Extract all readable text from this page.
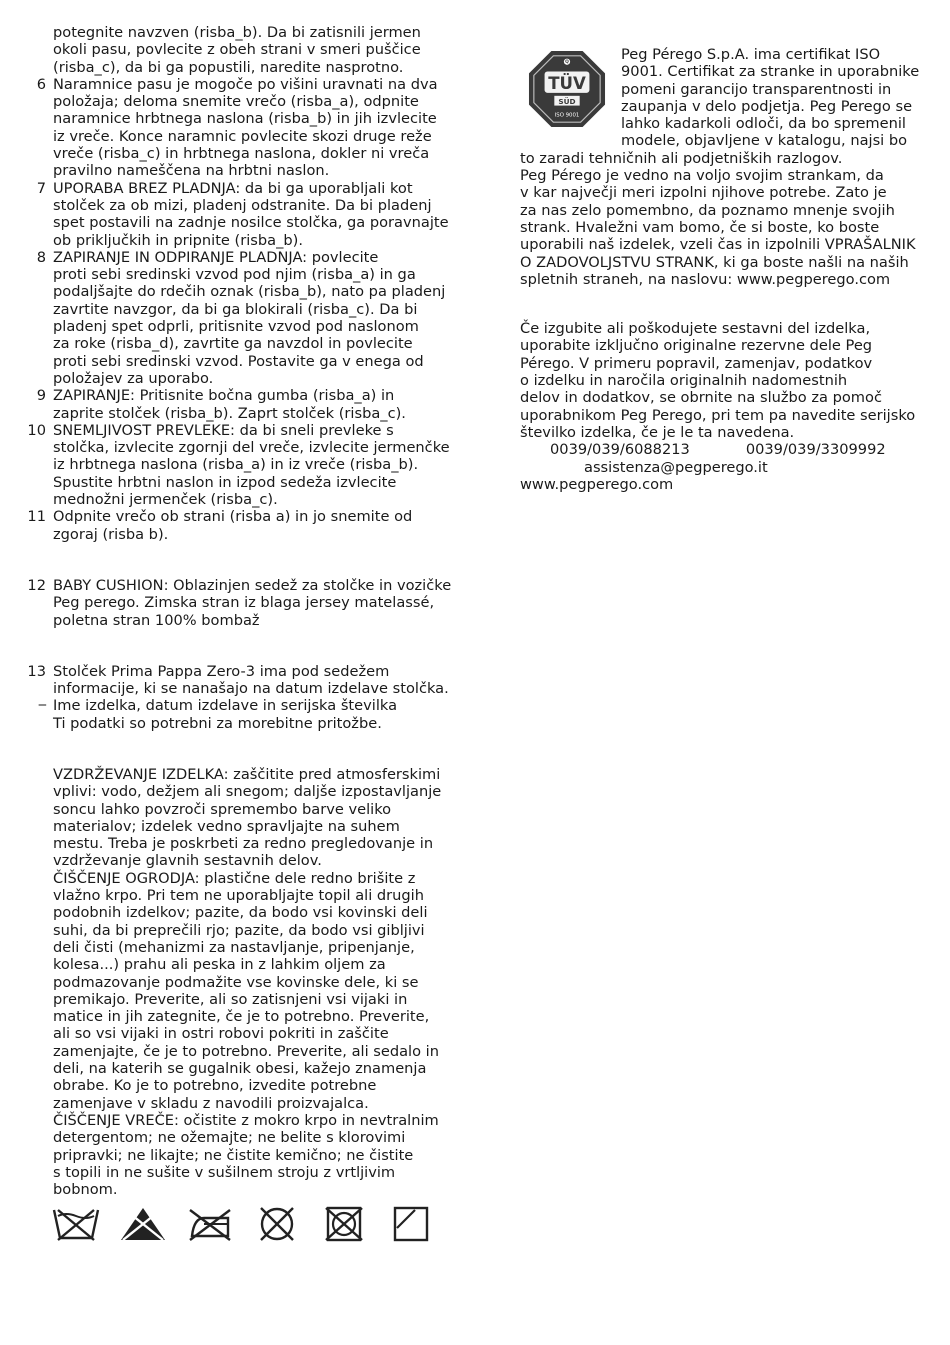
potegnite navzven (risba_b). Da bi zatisnili jermen
okoli pasu, povlecite z obeh strani v smeri puščice
(risba_c), da bi ga popustili, naredite nasprotno.
6 Naramnice pasu je mogoče po višini uravnati na dva
položaja; deloma snemite vrečo (risba_a), odpnite
naramnice hrbtnega naslona (risba_b) in jih izvlecite
iz vreče. Konce naramnic povlecite skozi druge reže
vreče (risba_c) in hrbtnega naslona, dokler ni vreča
pravilno nameščena na hrbtni naslon.
7 UPORABA BREZ PLADNJA: da bi ga uporabljali kot
stolček za ob mizi, pladenj odstranite. Da bi pladenj
spet postavili na zadnje nosilce stolčka, ga poravnajte
ob priključkih in pripnite (risba_b).
8 ZAPIRANJE IN ODPIRANJE PLADNJA: povlecite
proti sebi sredinski vzvod pod njim (risba_a) in ga
podaljšajte do rdečih oznak (risba_b), nato pa pladenj
zavrtite navzgor, da bi ga blokirali (risba_c). Da bi
pladenj spet odprli, pritisnite vzvod pod naslonom
za roke (risba_d), zavrtite ga navzdol in povlecite
proti sebi sredinski vzvod. Postavite ga v enega od
položajev za uporabo.
9 ZAPIRANJE: Pritisnite bočna gumba (risba_a) in
zaprite stolček (risba_b). Zaprt stolček (risba_c).
10 SNEMLJIVOST PREVLEKE: da bi sneli prevleke s
stolčka, izvlecite zgornji del vreče, izvlecite jermenčke
iz hrbtnega naslona (risba_a) in iz vreče (risba_b).
Spustite hrbtni naslon in izpod sedeža izvlecite
mednožni jermenček (risba_c).
11 Odpnite vrečo ob strani (risba a) in jo snemite od
zgoraj (risba b).
12 BABY CUSHION: Oblazinjen sedež za stolčke in vozičke
Peg perego. Zimska stran iz blaga jersey matelassé,
poletna stran 100% bombaž
13
_
Stolček Prima Pappa Zero-3 ima pod sedežem
informacije, ki se nanašajo na datum izdelave stolčka.
Ime izdelka, datum izdelave in serijska številka
Ti podatki so potrebni za morebitne pritožbe.
VZDRŽEVANJE IZDELKA: zaščitite pred atmosferskimi
vplivi: vodo, dežjem ali snegom; daljše izpostavljanje
soncu lahko povzroči spremembo barve veliko
materialov; izdelek vedno spravljajte na suhem
mestu. Treba je poskrbeti za redno pregledovanje in
vzdrževanje glavnih sestavnih delov.
ČIŠČENJE OGRODJA: plastične dele redno brišite z
vlažno krpo. Pri tem ne uporabljajte topil ali drugih
podobnih izdelkov; pazite, da bodo vsi kovinski deli
suhi, da bi preprečili rjo; pazite, da bodo vsi gibljivi
deli čisti (mehanizmi za nastavljanje, pripenjanje,
kolesa...) prahu ali peska in z lahkim oljem za
podmazovanje podmažite vse kovinske dele, ki se
premikajo. Preverite, ali so zatisnjeni vsi vijaki in
matice in jih zategnite, če je to potrebno. Preverite,
ali so vsi vijaki in ostri robovi pokriti in zaščite
zamenjajte, če je to potrebno. Preverite, ali sedalo in
deli, na katerih se gugalnik obesi, kažejo znamenja
obrabe. Ko je to potrebno, izvedite potrebne
zamenjave v skladu z navodili proizvajalca.
ČIŠČENJE VREČE: očistite z mokro krpo in nevtralnim
detergentom; ne ožemajte; ne belite s klorovimi
pripravki; ne likajte; ne čistite kemično; ne čistite
s topili in ne sušite v sušilnem stroju z vrtljivim
bobnom.
Q
TÜV
SÜD
ISO 9001
Peg Pérego S.p.A. ima certifikat ISO
9001. Certifikat za stranke in uporabnike
pomeni garancijo transparentnosti in
zaupanja v delo podjetja. Peg Perego se
lahko kadarkoli odloči, da bo spremenil
modele, objavljene v katalogu, najsi bo
to zaradi tehničnih ali podjetniških razlogov.
Peg Pérego je vedno na voljo svojim strankam, da
v kar največji meri izpolni njihove potrebe. Zato je
za nas zelo pomembno, da poznamo mnenje svojih
strank. Hvaležni vam bomo, če si boste, ko boste
uporabili naš izdelek, vzeli čas in izpolnili VPRAŠALNIK
O ZADOVOLJSTVU STRANK, ki ga boste našli na naših
spletnih straneh, na naslovu: www.pegperego.com
Če izgubite ali poškodujete sestavni del izdelka,
uporabite izključno originalne rezervne dele Peg
Pérego. V primeru popravil, zamenjav, podatkov
o izdelku in naročila originalnih nadomestnih
delov in dodatkov, se obrnite na službo za pomoč
uporabnikom Peg Perego, pri tem pa navedite serijsko
številko izdelka, če je le ta navedena.
0039/039/6088213	0039/039/3309992
assistenza@pegperego.it
www.pegperego.com
